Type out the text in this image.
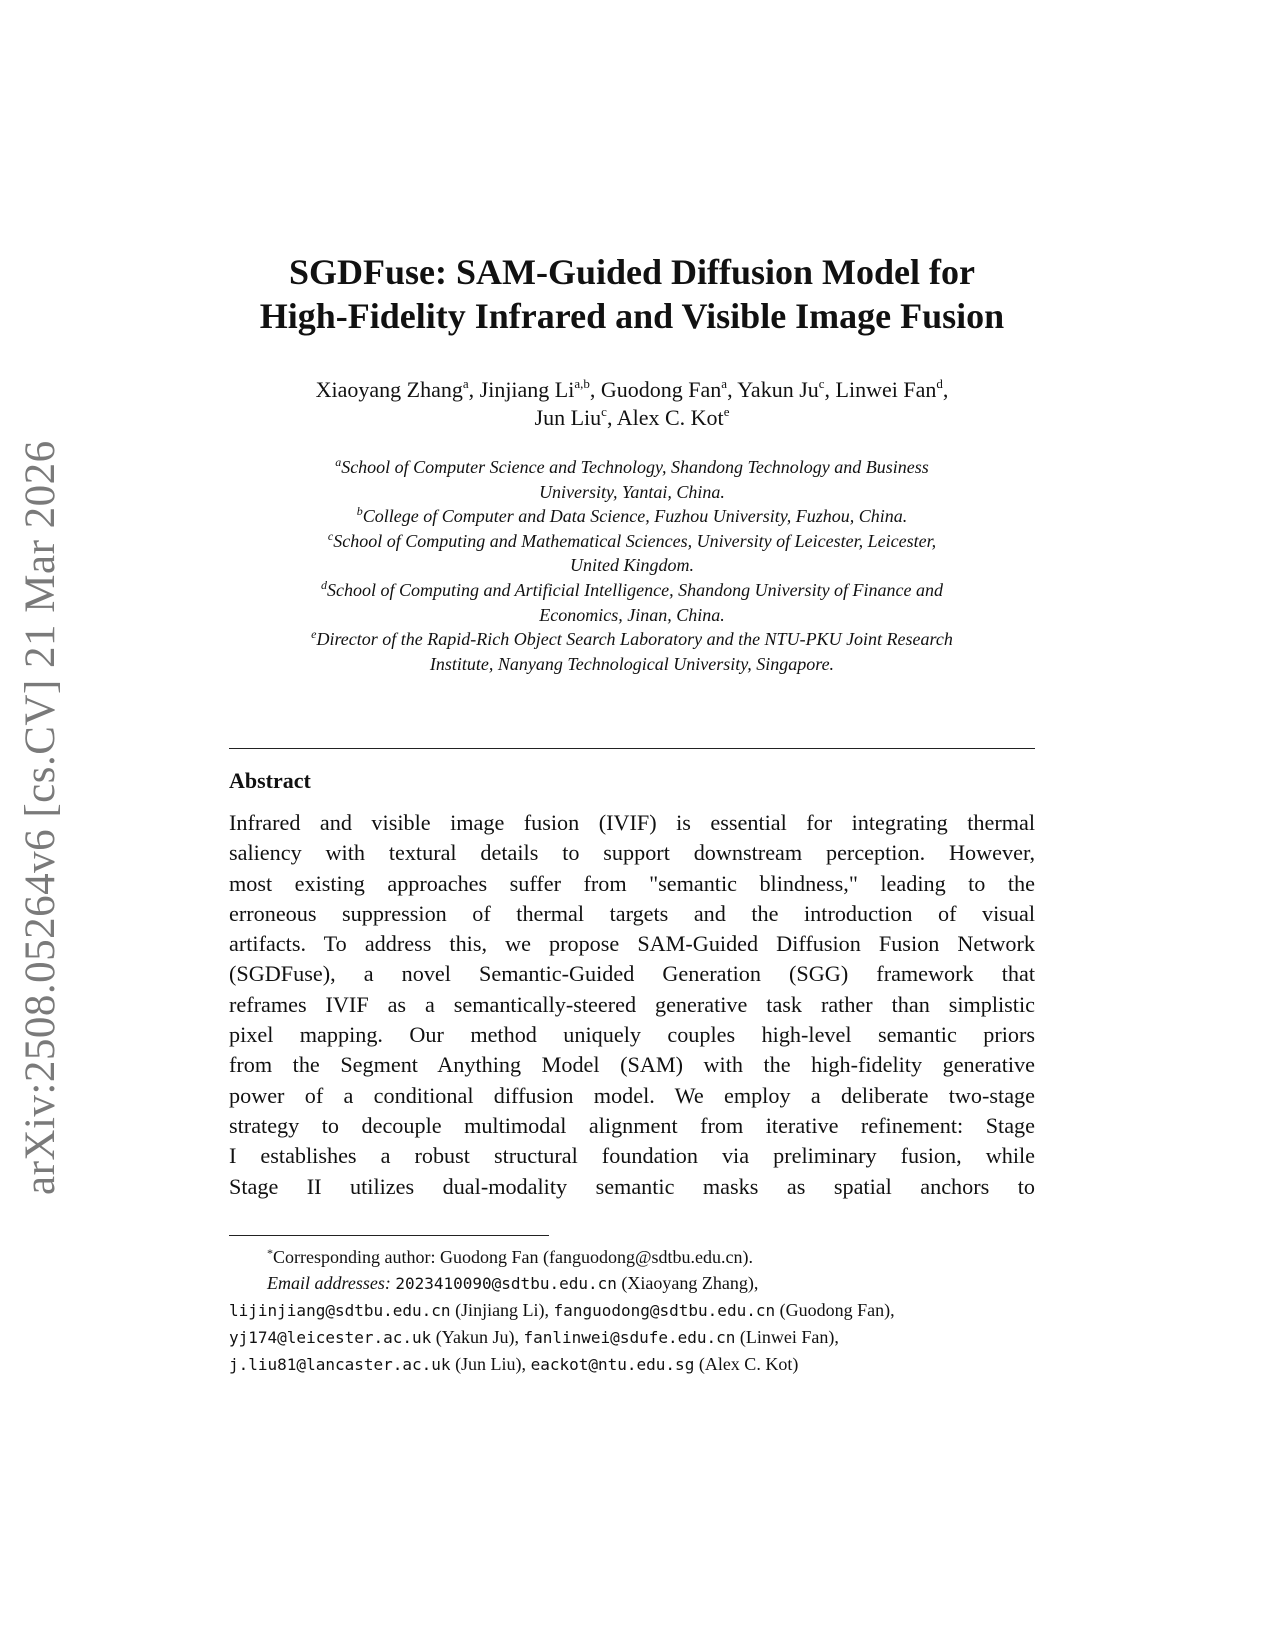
arXiv:2508.05264v6 [cs.CV] 21 Mar 2026
SGDFuse: SAM-Guided Diffusion Model for
High-Fidelity Infrared and Visible Image Fusion
Xiaoyang Zhang$^a$, Jinjiang Li$^{a,b}$, Guodong Fan$^a$, Yakun Ju$^c$, Linwei Fan$^d$,
Jun Liu$^c$, Alex C. Kot$^e$
$^a$School of Computer Science and Technology, Shandong Technology and Business
University, Yantai, China.
$^b$College of Computer and Data Science, Fuzhou University, Fuzhou, China.
$^c$School of Computing and Mathematical Sciences, University of Leicester, Leicester,
United Kingdom.
$^d$School of Computing and Artificial Intelligence, Shandong University of Finance and
Economics, Jinan, China.
$^e$Director of the Rapid-Rich Object Search Laboratory and the NTU-PKU Joint Research
Institute, Nanyang Technological University, Singapore.
Abstract
Infrared and visible image fusion (IVIF) is essential for integrating thermal
saliency with textural details to support downstream perception. However,
most existing approaches suffer from "semantic blindness," leading to the
erroneous suppression of thermal targets and the introduction of visual
artifacts. To address this, we propose SAM-Guided Diffusion Fusion Network
(SGDFuse), a novel Semantic-Guided Generation (SGG) framework that
reframes IVIF as a semantically-steered generative task rather than simplistic
pixel mapping. Our method uniquely couples high-level semantic priors
from the Segment Anything Model (SAM) with the high-fidelity generative
power of a conditional diffusion model. We employ a deliberate two-stage
strategy to decouple multimodal alignment from iterative refinement: Stage
I establishes a robust structural foundation via preliminary fusion, while
Stage II utilizes dual-modality semantic masks as spatial anchors to
*Corresponding author: Guodong Fan (fanguodong@sdtbu.edu.cn).
Email addresses: 2023410090@sdtbu.edu.cn (Xiaoyang Zhang),
lijinjiang@sdtbu.edu.cn (Jinjiang Li), fanguodong@sdtbu.edu.cn (Guodong Fan),
yj174@leicester.ac.uk (Yakun Ju), fanlinwei@sdufe.edu.cn (Linwei Fan),
j.liu81@lancaster.ac.uk (Jun Liu), eackot@ntu.edu.sg (Alex C. Kot)
